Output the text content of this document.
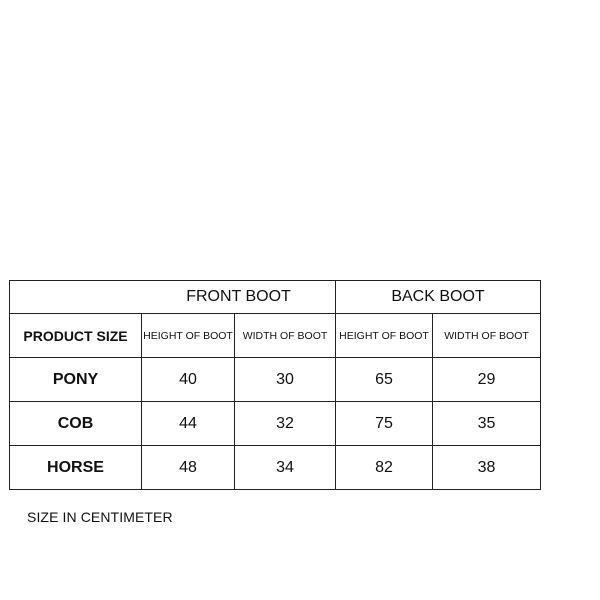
	FRONT BOOT		BACK BOOT	
PRODUCT SIZE	HEIGHT OF BOOT	WIDTH OF BOOT	HEIGHT OF BOOT	WIDTH OF BOOT
PONY	40	30	65	29
COB	44	32	75	35
HORSE	48	34	82	38
SIZE IN CENTIMETER
